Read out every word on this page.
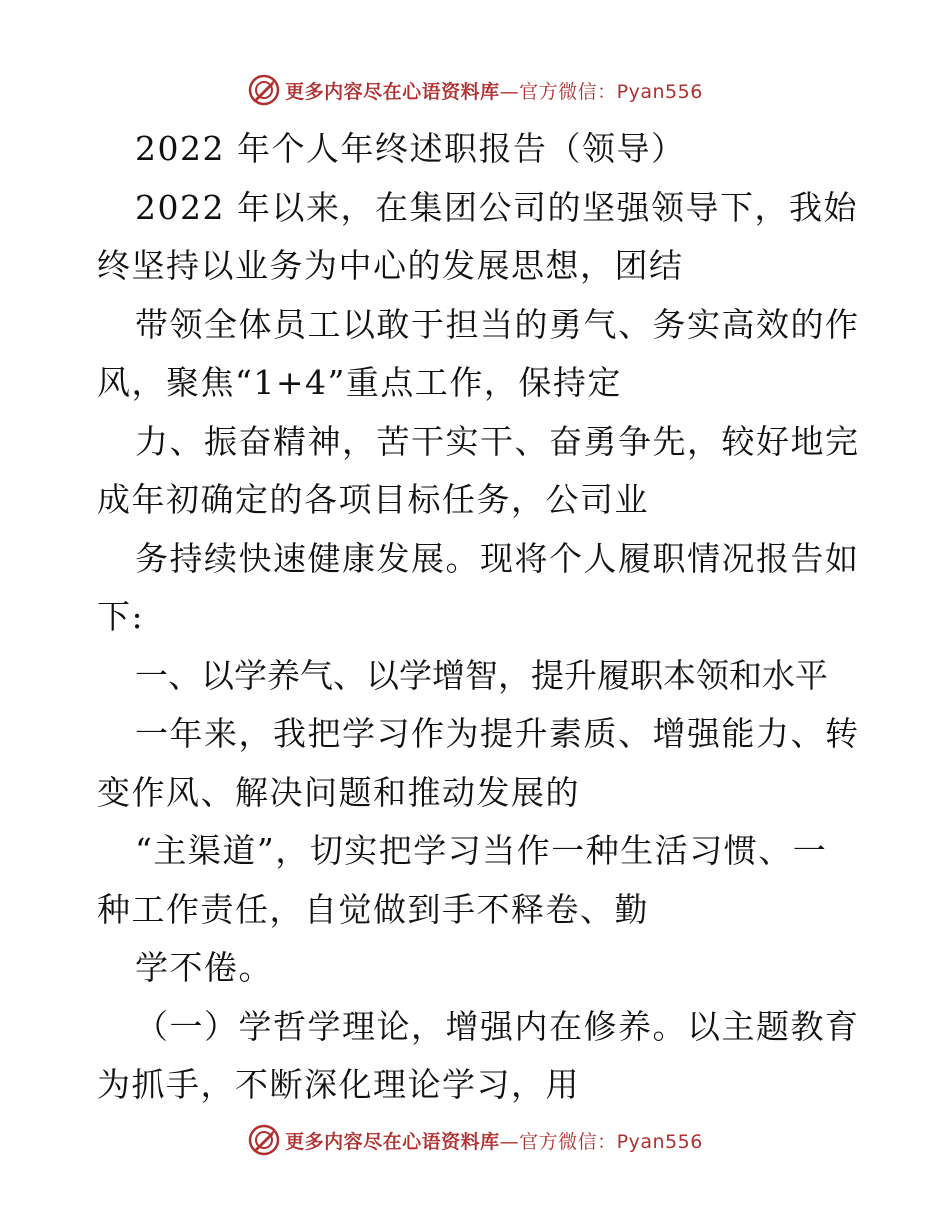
更多内容尽在心语资料库—官方微信：Pyan556
2022 年个人年终述职报告（领导）
2022 年以来，在集团公司的坚强领导下，我始
终坚持以业务为中心的发展思想，团结
带领全体员工以敢于担当的勇气、务实高效的作
风，聚焦“1+4”重点工作，保持定
力、振奋精神，苦干实干、奋勇争先，较好地完
成年初确定的各项目标任务，公司业
务持续快速健康发展。现将个人履职情况报告如
下:
一、以学养气、以学增智，提升履职本领和水平
一年来，我把学习作为提升素质、增强能力、转
变作风、解决问题和推动发展的
“主渠道”，切实把学习当作一种生活习惯、一
种工作责任，自觉做到手不释卷、勤
学不倦。
（一）学哲学理论，增强内在修养。以主题教育
为抓手，不断深化理论学习，用
更多内容尽在心语资料库—官方微信：Pyan556
